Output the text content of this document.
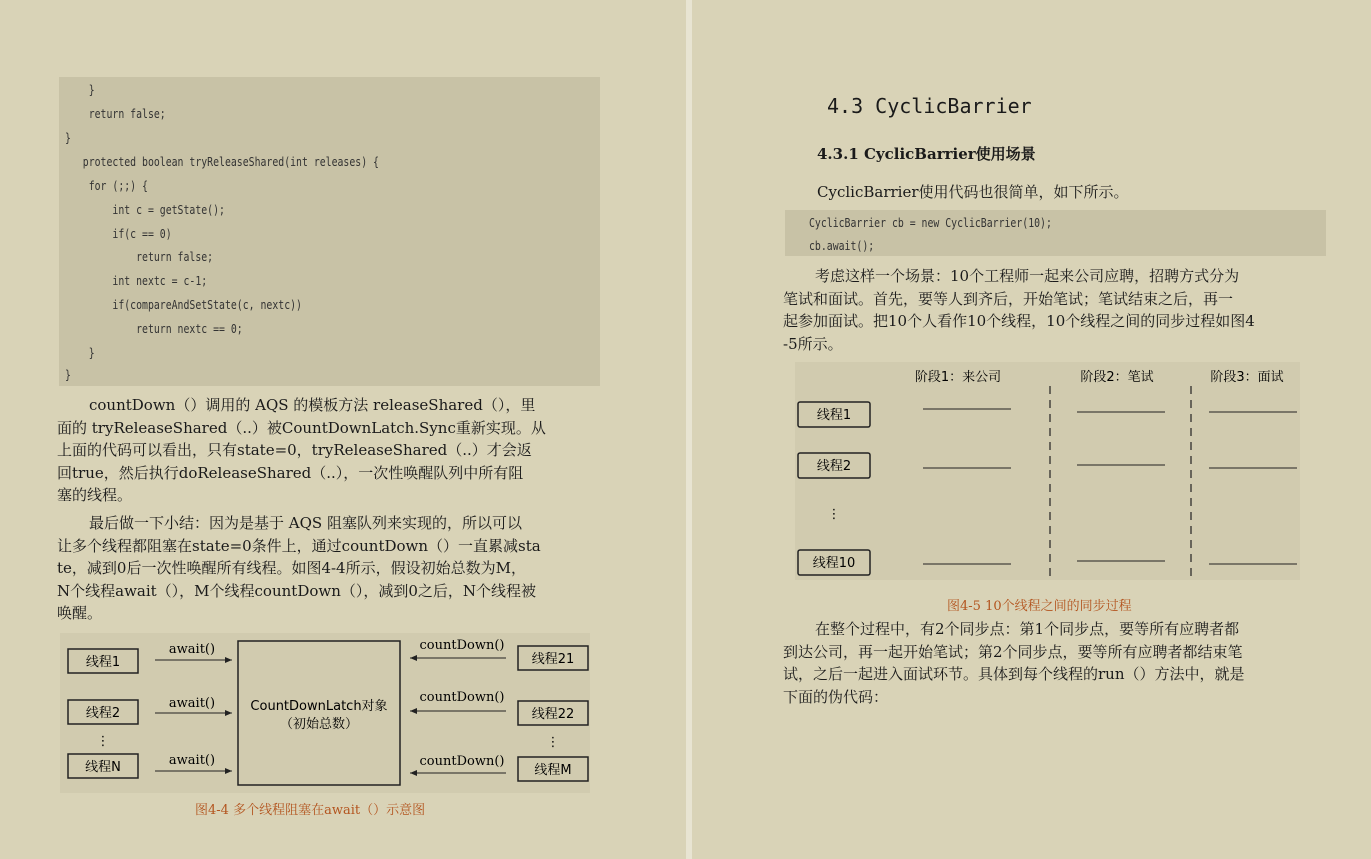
}
return false;
}
protected boolean tryReleaseShared(int releases) {
for (;;) {
int c = getState();
if(c == 0)
return false;
int nextc = c-1;
if(compareAndSetState(c, nextc))
return nextc == 0;
}
}
countDown（）调用的 AQS 的模板方法 releaseShared（），里
面的 tryReleaseShared（..）被CountDownLatch.Sync重新实现。从
上面的代码可以看出，只有state=0，tryReleaseShared（..）才会返
回true，然后执行doReleaseShared（..），一次性唤醒队列中所有阻
塞的线程。
最后做一下小结：因为是基于 AQS 阻塞队列来实现的，所以可以
让多个线程都阻塞在state=0条件上，通过countDown（）一直累减sta
te，减到0后一次性唤醒所有线程。如图4-4所示，假设初始总数为M，
N个线程await（），M个线程countDown（），减到0之后，N个线程被
唤醒。
线程1
线程2
⋮
线程N
await()
await()
await()
CountDownLatch对象
（初始总数）
countDown()
countDown()
countDown()
线程21
线程22
⋮
线程M
图4-4 多个线程阻塞在await（）示意图
4.3 CyclicBarrier
4.3.1 CyclicBarrier使用场景
CyclicBarrier使用代码也很简单，如下所示。
CyclicBarrier cb = new CyclicBarrier(10);
cb.await();
考虑这样一个场景：10个工程师一起来公司应聘，招聘方式分为
笔试和面试。首先，要等人到齐后，开始笔试；笔试结束之后，再一
起参加面试。把10个人看作10个线程，10个线程之间的同步过程如图4
-5所示。
阶段1：来公司	阶段2：笔试	阶段3：面试
线程1
线程2
⋮
线程10
图4-5 10个线程之间的同步过程
在整个过程中，有2个同步点：第1个同步点，要等所有应聘者都
到达公司，再一起开始笔试；第2个同步点，要等所有应聘者都结束笔
试，之后一起进入面试环节。具体到每个线程的run（）方法中，就是
下面的伪代码：
